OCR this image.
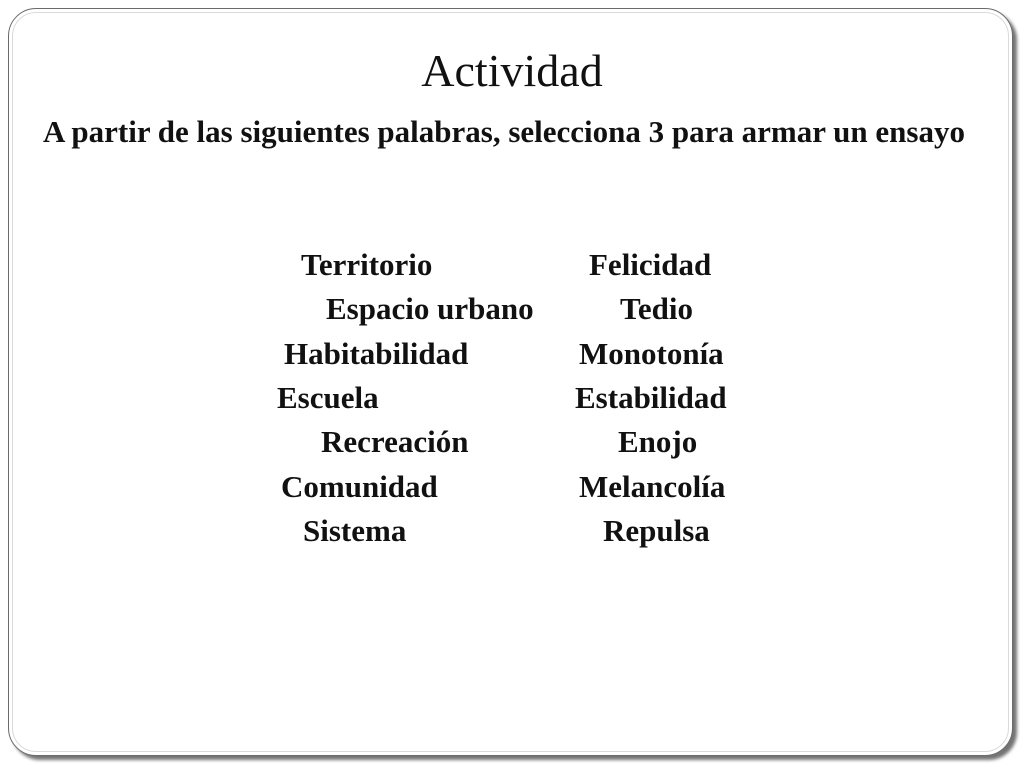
Actividad
A partir de las siguientes palabras, selecciona 3 para armar un ensayo
Territorio
Espacio urbano
Habitabilidad
Escuela
Recreación
Comunidad
Sistema
Felicidad
Tedio
Monotonía
Estabilidad
Enojo
Melancolía
Repulsa
